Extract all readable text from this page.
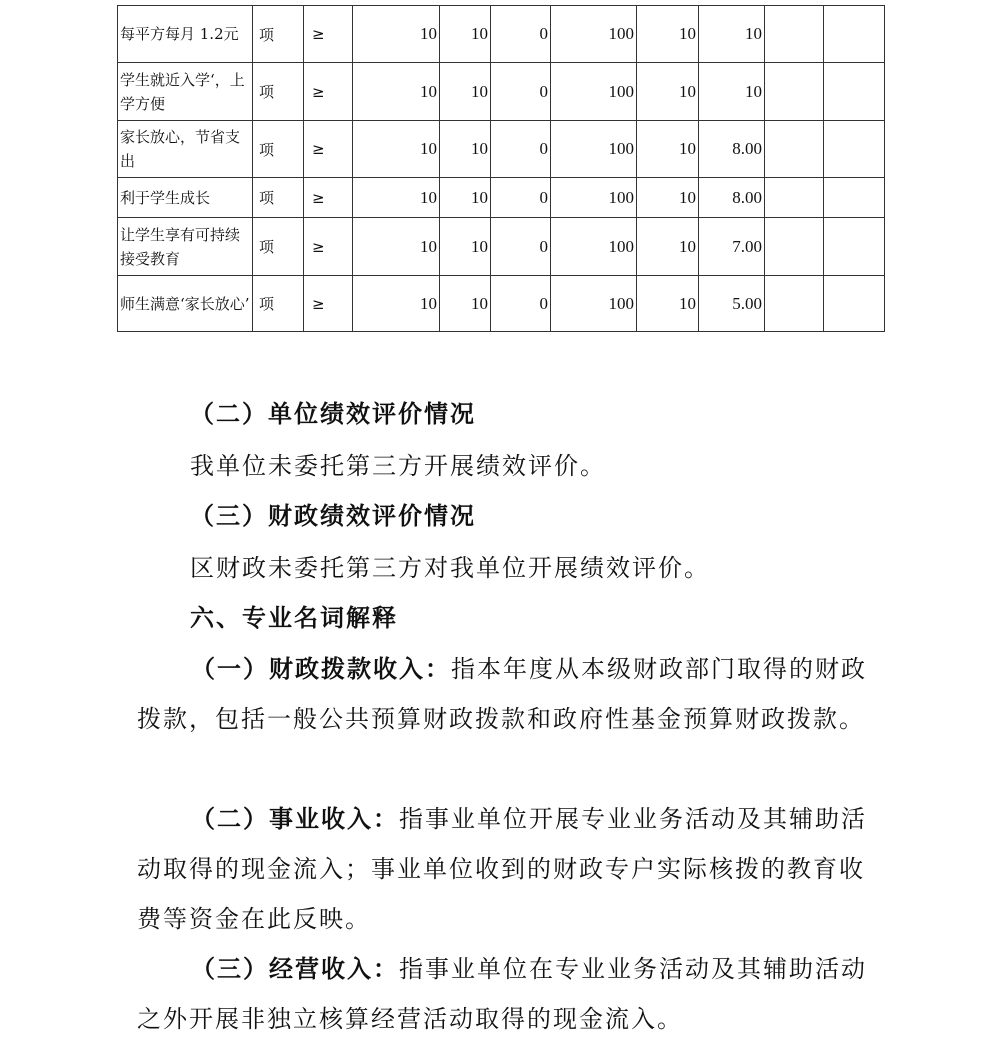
每平方每月 1.2元	项	≥	10	10	0	100	10	10		
学生就近入学‘，上学方便	项	≥	10	10	0	100	10	10		
家长放心，节省支出	项	≥	10	10	0	100	10	8.00		
利于学生成长	项	≥	10	10	0	100	10	8.00		
让学生享有可持续接受教育	项	≥	10	10	0	100	10	7.00		
师生满意‘家长放心’	项	≥	10	10	0	100	10	5.00		

（二）单位绩效评价情况

我单位未委托第三方开展绩效评价。

（三）财政绩效评价情况

区财政未委托第三方对我单位开展绩效评价。

六、专业名词解释

（一）财政拨款收入：指本年度从本级财政部门取得的财政拨款，包括一般公共预算财政拨款和政府性基金预算财政拨款。

（二）事业收入：指事业单位开展专业业务活动及其辅助活动取得的现金流入；事业单位收到的财政专户实际核拨的教育收费等资金在此反映。

（三）经营收入：指事业单位在专业业务活动及其辅助活动之外开展非独立核算经营活动取得的现金流入。
